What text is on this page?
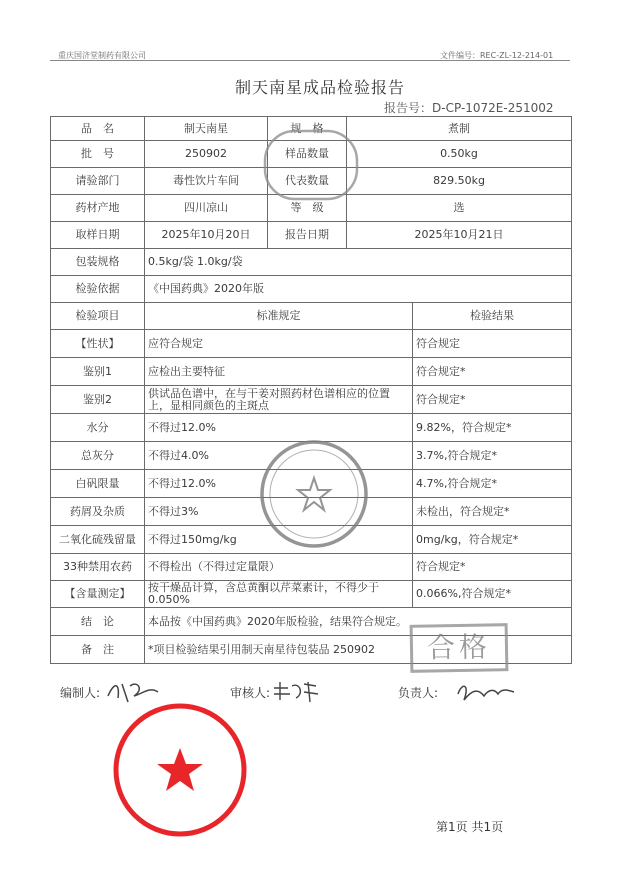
重庆国济堂制药有限公司	文件编号：REC-ZL-12-214-01
制天南星成品检验报告
报告号：D-CP-1072E-251002
品　名	制天南星	规　格	煮制	
批　号	250902	样品数量	0.50kg	
请验部门	毒性饮片车间	代表数量	829.50kg	
药材产地	四川凉山	等　级	选	
取样日期	2025年10月20日	报告日期	2025年10月21日	
包装规格	0.5kg/袋 1.0kg/袋			
检验依据	《中国药典》2020年版			
检验项目	标准规定			检验结果
【性状】	应符合规定			符合规定
鉴别1	应检出主要特征			符合规定*
鉴别2	供试品色谱中，在与干姜对照药材色谱相应的位置上，显相同颜色的主斑点			符合规定*
水分	不得过12.0%			9.82%，符合规定*
总灰分	不得过4.0%			3.7%,符合规定*
白矾限量	不得过12.0%			4.7%,符合规定*
药屑及杂质	不得过3%			未检出，符合规定*
二氧化硫残留量	不得过150mg/kg			0mg/kg，符合规定*
33种禁用农药	不得检出（不得过定量限）			符合规定*
【含量测定】	按干燥品计算，含总黄酮以芹菜素计，不得少于0.050%			0.066%,符合规定*
结　论	本品按《中国药典》2020年版检验，结果符合规定。			
备　注	*项目检验结果引用制天南星待包装品 250902				合格
编制人:	审核人:	负责人:
第1页 共1页
